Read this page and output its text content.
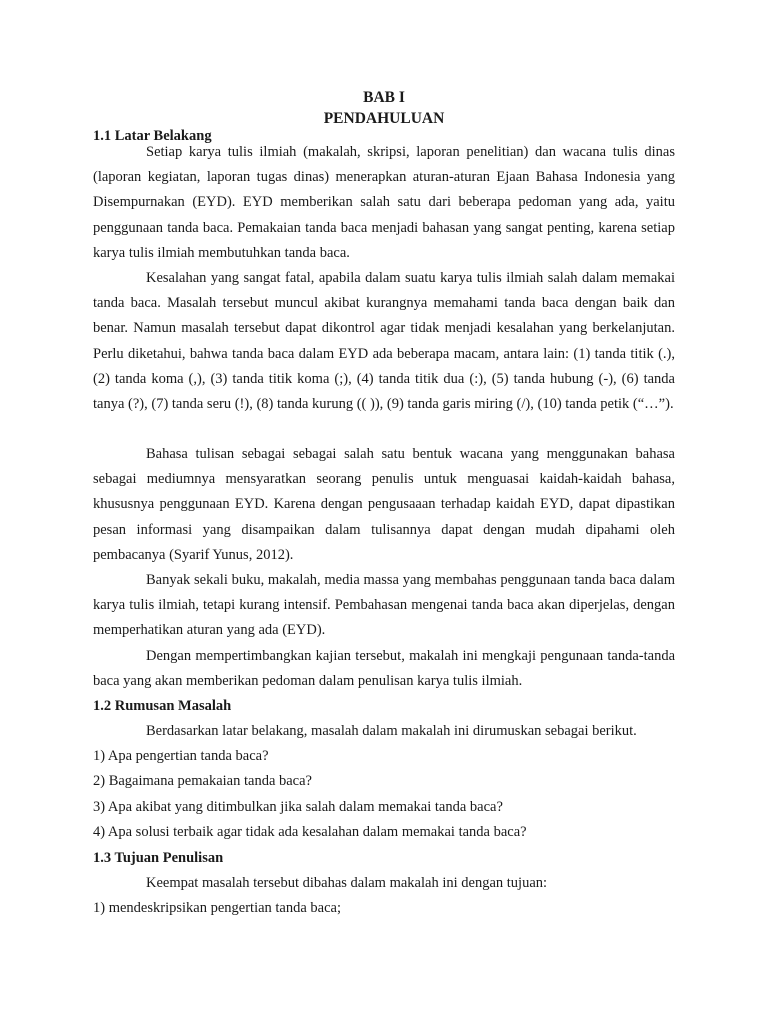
BAB I
PENDAHULUAN
1.1 Latar Belakang

Setiap karya tulis ilmiah (makalah, skripsi, laporan penelitian) dan wacana tulis dinas (laporan kegiatan, laporan tugas dinas) menerapkan aturan-aturan Ejaan Bahasa Indonesia yang Disempurnakan (EYD). EYD memberikan salah satu dari beberapa pedoman yang ada, yaitu penggunaan tanda baca. Pemakaian tanda baca menjadi bahasan yang sangat penting, karena setiap karya tulis ilmiah membutuhkan tanda baca.

Kesalahan yang sangat fatal, apabila dalam suatu karya tulis ilmiah salah dalam memakai tanda baca. Masalah tersebut muncul akibat kurangnya memahami tanda baca dengan baik dan benar. Namun masalah tersebut dapat dikontrol agar tidak menjadi kesalahan yang berkelanjutan. Perlu diketahui, bahwa tanda baca dalam EYD ada beberapa macam, antara lain: (1) tanda titik (.), (2) tanda koma (,), (3) tanda titik koma (;), (4) tanda titik dua (:), (5) tanda hubung (-), (6) tanda tanya (?), (7) tanda seru (!), (8) tanda kurung (( )), (9) tanda garis miring (/), (10) tanda petik (“…”).

Bahasa tulisan sebagai sebagai salah satu bentuk wacana yang menggunakan bahasa sebagai mediumnya mensyaratkan seorang penulis untuk menguasai kaidah-kaidah bahasa, khususnya penggunaan EYD. Karena dengan pengusaaan terhadap kaidah EYD, dapat dipastikan pesan informasi yang disampaikan dalam tulisannya dapat dengan mudah dipahami oleh pembacanya (Syarif Yunus, 2012).

Banyak sekali buku, makalah, media massa yang membahas penggunaan tanda baca dalam karya tulis ilmiah, tetapi kurang intensif. Pembahasan mengenai tanda baca akan diperjelas, dengan memperhatikan aturan yang ada (EYD).

Dengan mempertimbangkan kajian tersebut, makalah ini mengkaji pengunaan tanda-tanda baca yang akan memberikan pedoman dalam penulisan karya tulis ilmiah.

1.2 Rumusan Masalah

Berdasarkan latar belakang, masalah dalam makalah ini dirumuskan sebagai berikut.

1) Apa pengertian tanda baca?

2) Bagaimana pemakaian tanda baca?

3) Apa akibat yang ditimbulkan jika salah dalam memakai tanda baca?

4) Apa solusi terbaik agar tidak ada kesalahan dalam memakai tanda baca?

1.3 Tujuan Penulisan

Keempat masalah tersebut dibahas dalam makalah ini dengan tujuan:

1) mendeskripsikan pengertian tanda baca;
